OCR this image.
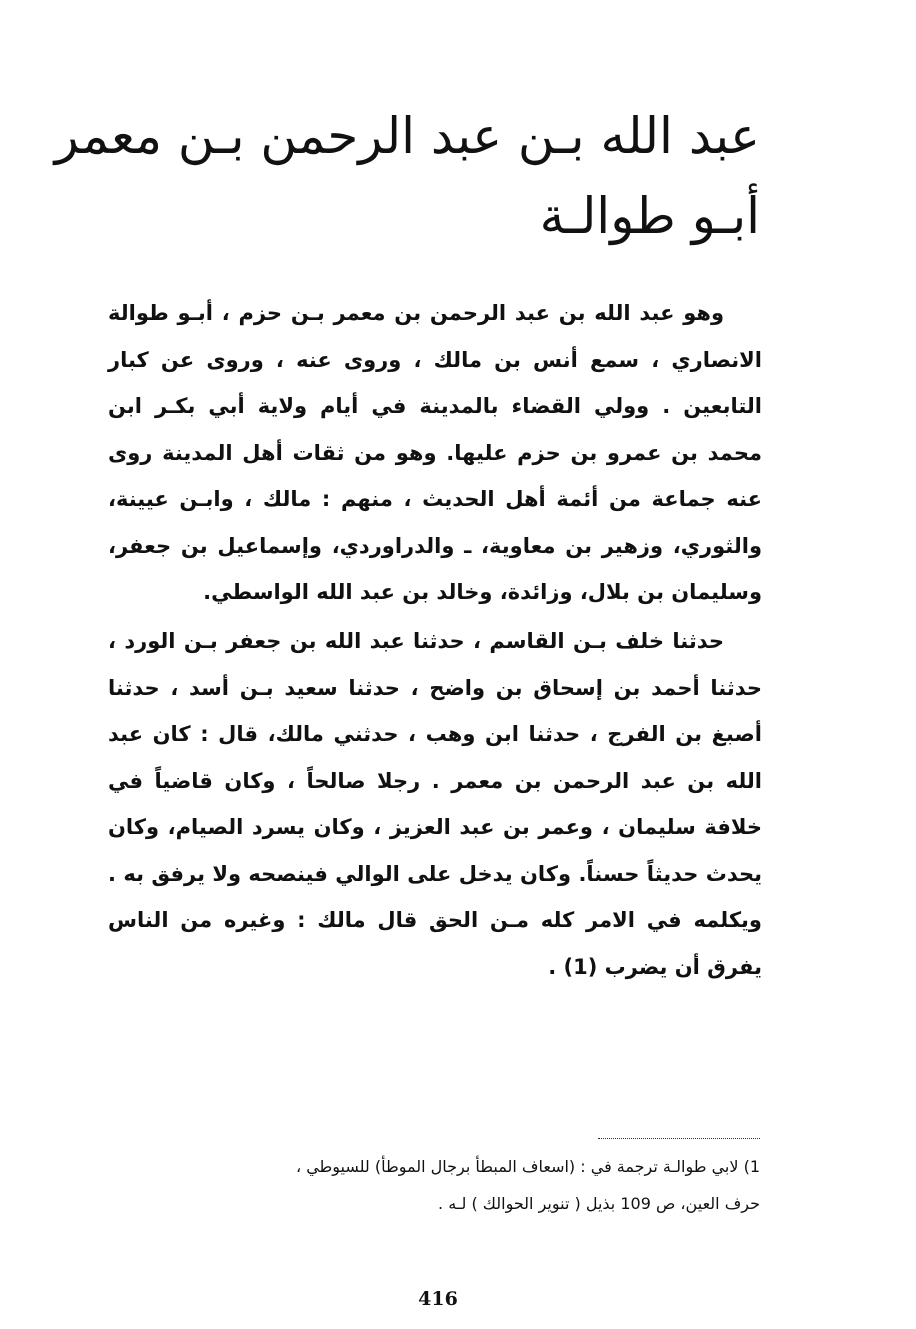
عبد الله بـن عبد الرحمن بـن معمر
أبـو طوالـة

وهو عبد الله بن عبد الرحمن بن معمر بـن حزم ، أبـو طوالة الانصاري ، سمع أنس بن مالك ، وروى عنه ، وروى عن كبار التابعين . وولي القضاء بالمدينة في أيام ولاية أبي بكـر ابن محمد بن عمرو بن حزم عليها. وهو من ثقات أهل المدينة روى عنه جماعة من أئمة أهل الحديث ، منهم : مالك ، وابـن عيينة، والثوري، وزهير بن معاوية، ـ والدراوردي، وإسماعيل بن جعفر، وسليمان بن بلال، وزائدة، وخالد بن عبد الله الواسطي.

حدثنا خلف بـن القاسم ، حدثنا عبد الله بن جعفر بـن الورد ، حدثنا أحمد بن إسحاق بن واضح ، حدثنا سعيد بـن أسد ، حدثنا أصبغ بن الفرج ، حدثنا ابن وهب ، حدثني مالك، قال : كان عبد الله بن عبد الرحمن بن معمر . رجلا صالحاً ، وكان قاضياً في خلافة سليمان ، وعمر بن عبد العزيز ، وكان يسرد الصيام، وكان يحدث حديثاً حسناً. وكان يدخل على الوالي فينصحه ولا يرفق به . ويكلمه في الامر كله مـن الحق قال مالك : وغيره من الناس يفرق أن يضرب (1) .

1) لابي طوالـة ترجمة في : (اسعاف المبطأ برجال الموطأ) للسيوطي ،
حرف العين، ص 109 بذيل ( تنوير الحوالك ) لـه .
416
